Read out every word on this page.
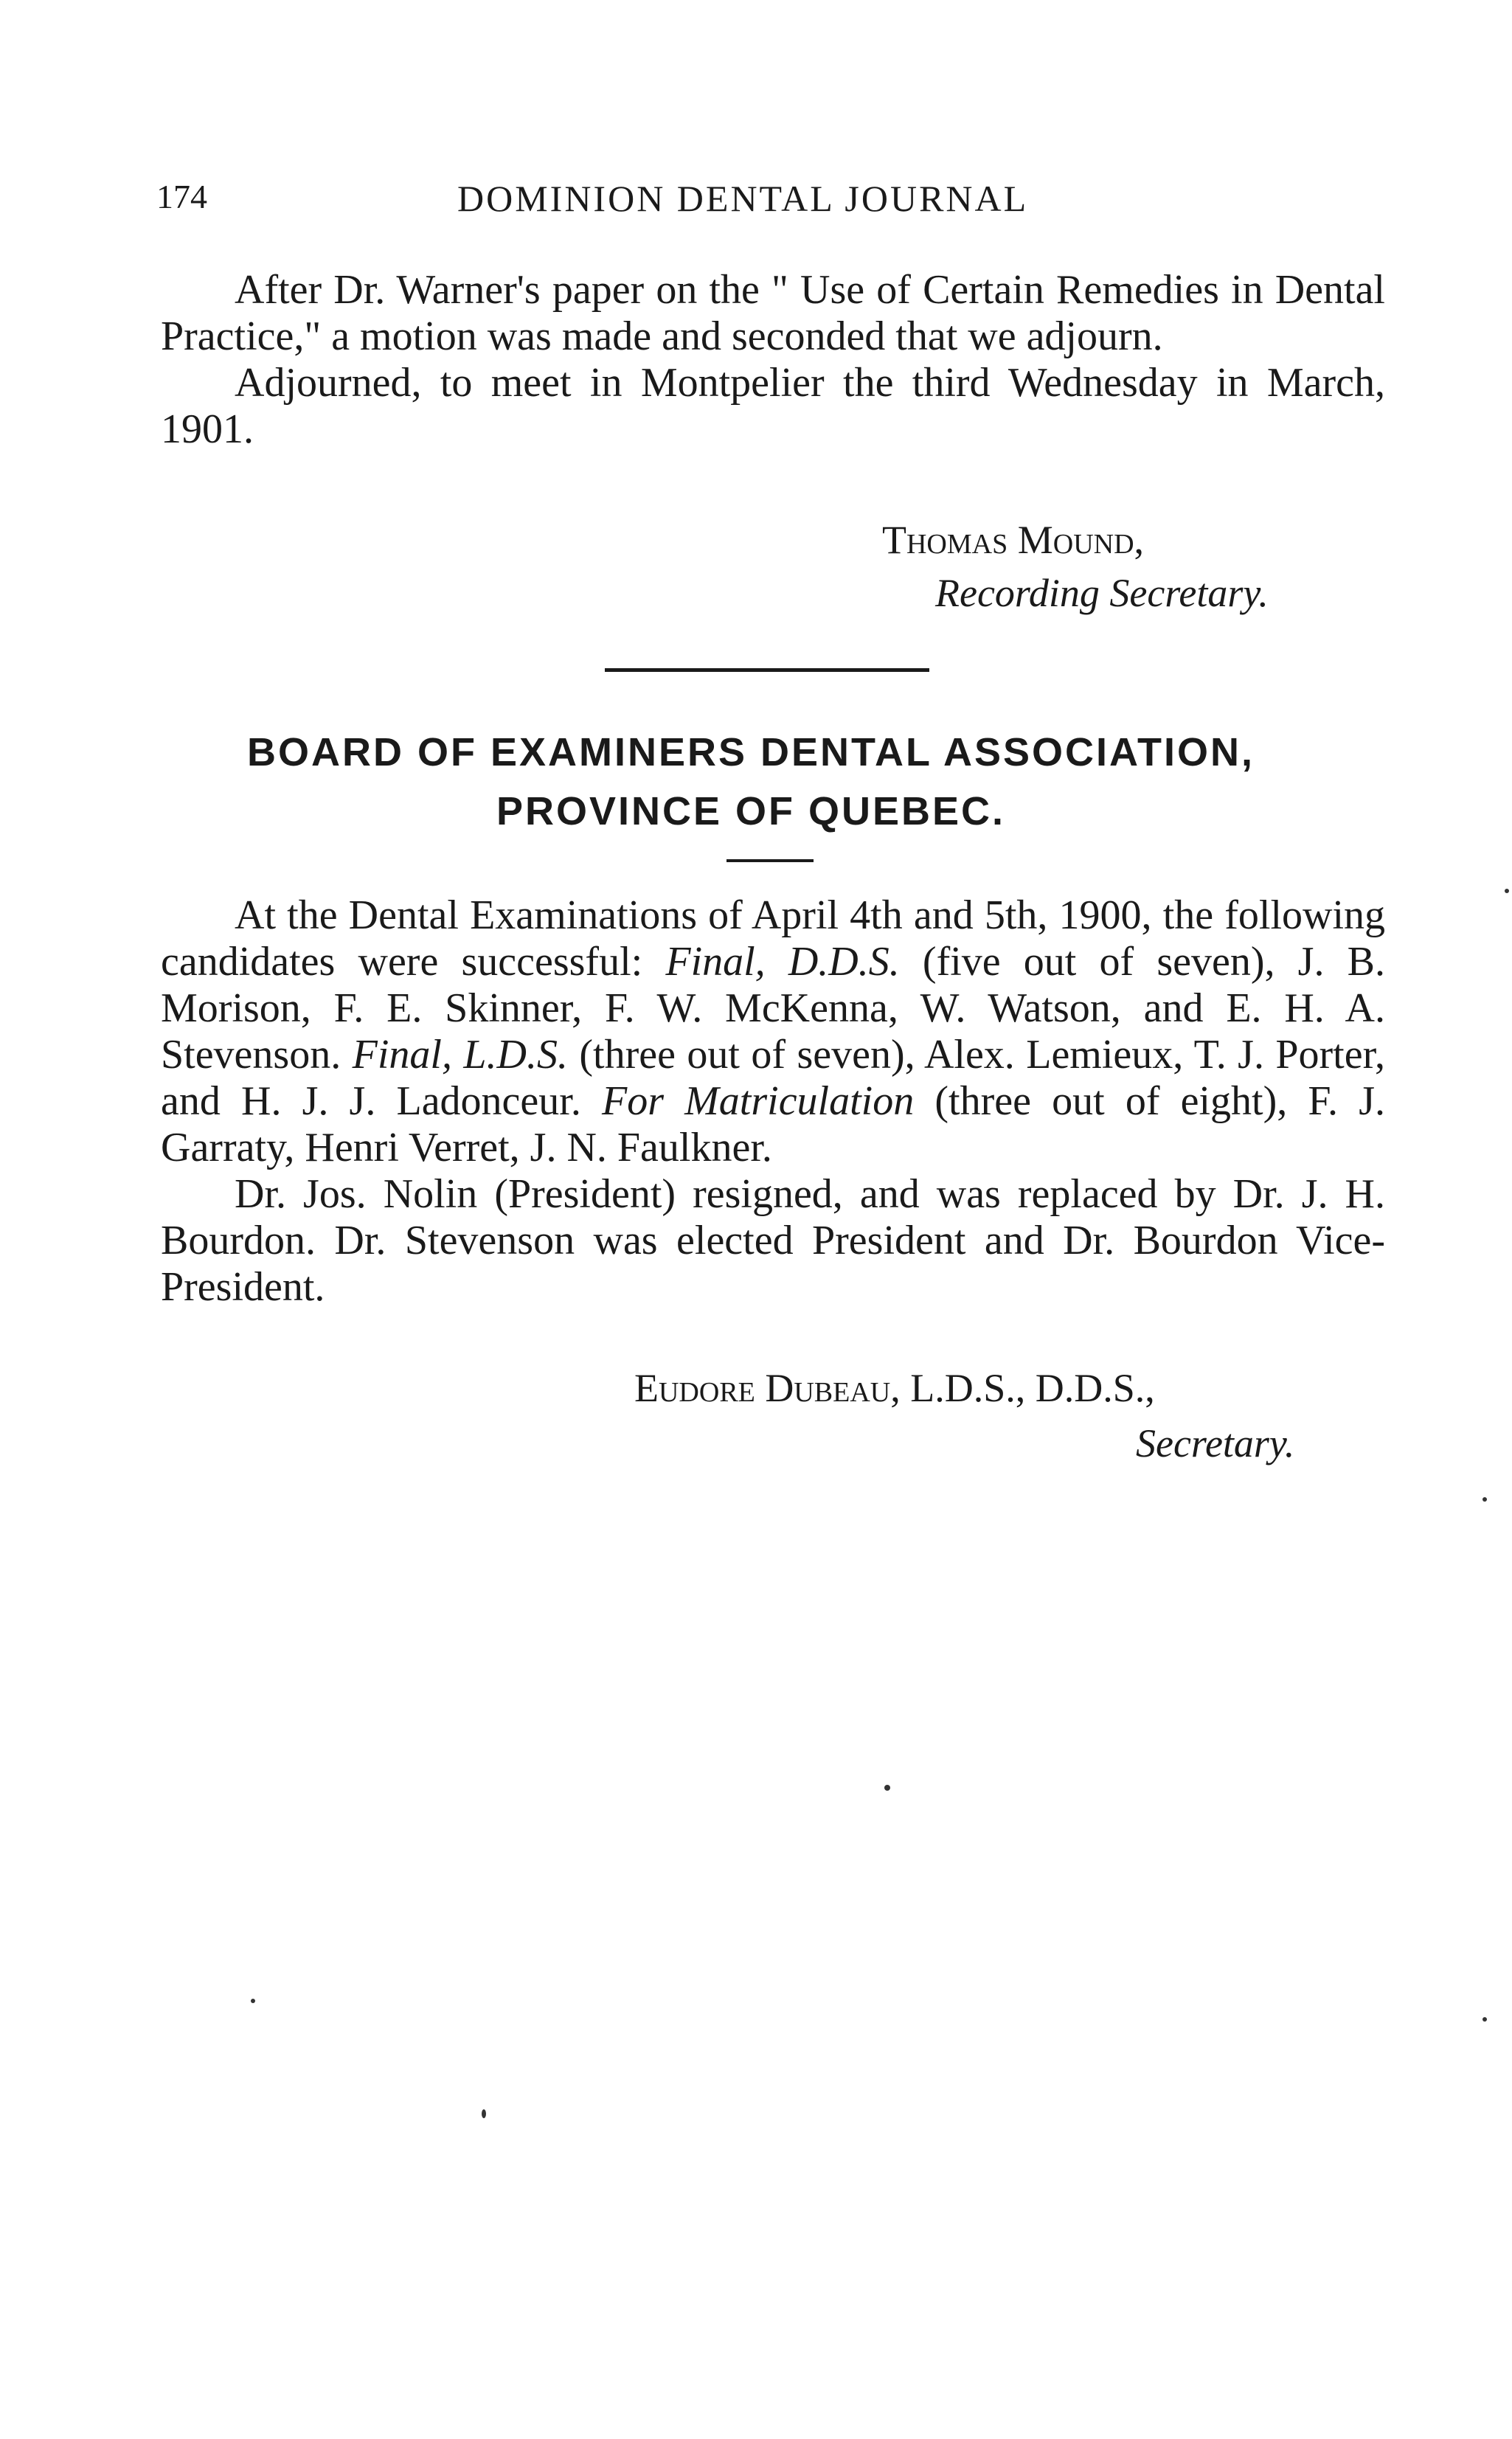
174	DOMINION DENTAL JOURNAL

After Dr. Warner's paper on the " Use of Certain Remedies in Dental Practice," a motion was made and seconded that we adjourn.

Adjourned, to meet in Montpelier the third Wednesday in March, 1901.

Thomas Mound,
Recording Secretary.
BOARD OF EXAMINERS DENTAL ASSOCIATION,
PROVINCE OF QUEBEC.

At the Dental Examinations of April 4th and 5th, 1900, the following candidates were successful: Final, D.D.S. (five out of seven), J. B. Morison, F. E. Skinner, F. W. McKenna, W. Watson, and E. H. A. Stevenson. Final, L.D.S. (three out of seven), Alex. Lemieux, T. J. Porter, and H. J. J. Ladonceur. For Matriculation (three out of eight), F. J. Garraty, Henri Verret, J. N. Faulkner.

Dr. Jos. Nolin (President) resigned, and was replaced by Dr. J. H. Bourdon. Dr. Stevenson was elected President and Dr. Bourdon Vice-President.

Eudore Dubeau, L.D.S., D.D.S.,
Secretary.
